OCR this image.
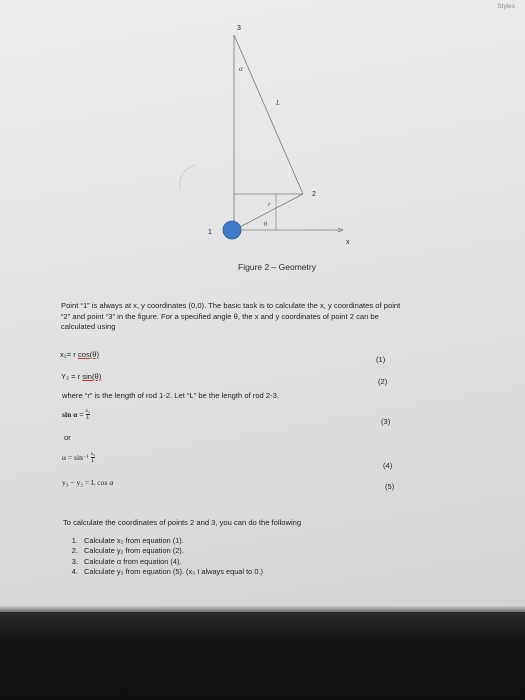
Styles
3
2
1
L
r
α
θ
x
Figure 2 – Geometry
Point “1” is always at x, y coordinates (0,0). The basic task is to calculate the x, y coordinates of point
“2” and point “3” in the figure. For a specified angle θ, the x and y coordinates of point 2 can be
calculated using
x₂= r cos(θ)
(1)
Y₂ = r sin(θ)
(2)
where “r” is the length of rod 1-2. Let “L” be the length of rod 2-3.
$\sin \alpha = \frac{\text{x₂}}{L}$
(3)
or
$\alpha = \sin -1 \frac{\text{x₂}}{L}$
(4)
y₃ − y₂ = L cos α	(5)
To calculate the coordinates of points 2 and 3, you can do the following
1. Calculate x₂ from equation (1).
2. Calculate y₂ from equation (2).
3. Calculate α from equation (4).
4. Calculate y₃ from equation (5). (x₃ I always equal to 0.)
